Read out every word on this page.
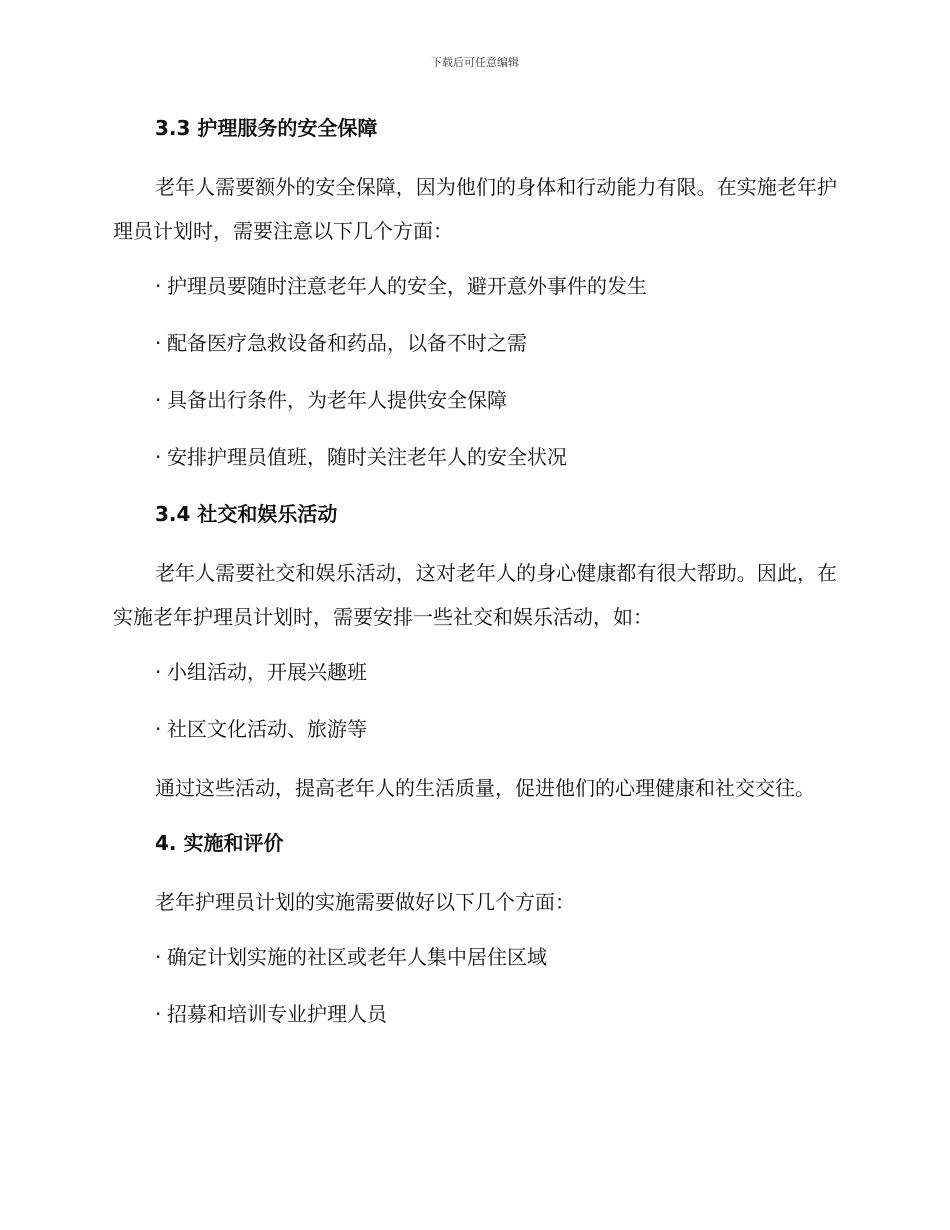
下载后可任意编辑
3.3 护理服务的安全保障
老年人需要额外的安全保障，因为他们的身体和行动能力有限。在实施老年护理员计划时，需要注意以下几个方面：
· 护理员要随时注意老年人的安全，避开意外事件的发生
· 配备医疗急救设备和药品，以备不时之需
· 具备出行条件，为老年人提供安全保障
· 安排护理员值班，随时关注老年人的安全状况
3.4 社交和娱乐活动
老年人需要社交和娱乐活动，这对老年人的身心健康都有很大帮助。因此，在实施老年护理员计划时，需要安排一些社交和娱乐活动，如：
· 小组活动，开展兴趣班
· 社区文化活动、旅游等
通过这些活动，提高老年人的生活质量，促进他们的心理健康和社交交往。
4. 实施和评价
老年护理员计划的实施需要做好以下几个方面：
· 确定计划实施的社区或老年人集中居住区域
· 招募和培训专业护理人员
